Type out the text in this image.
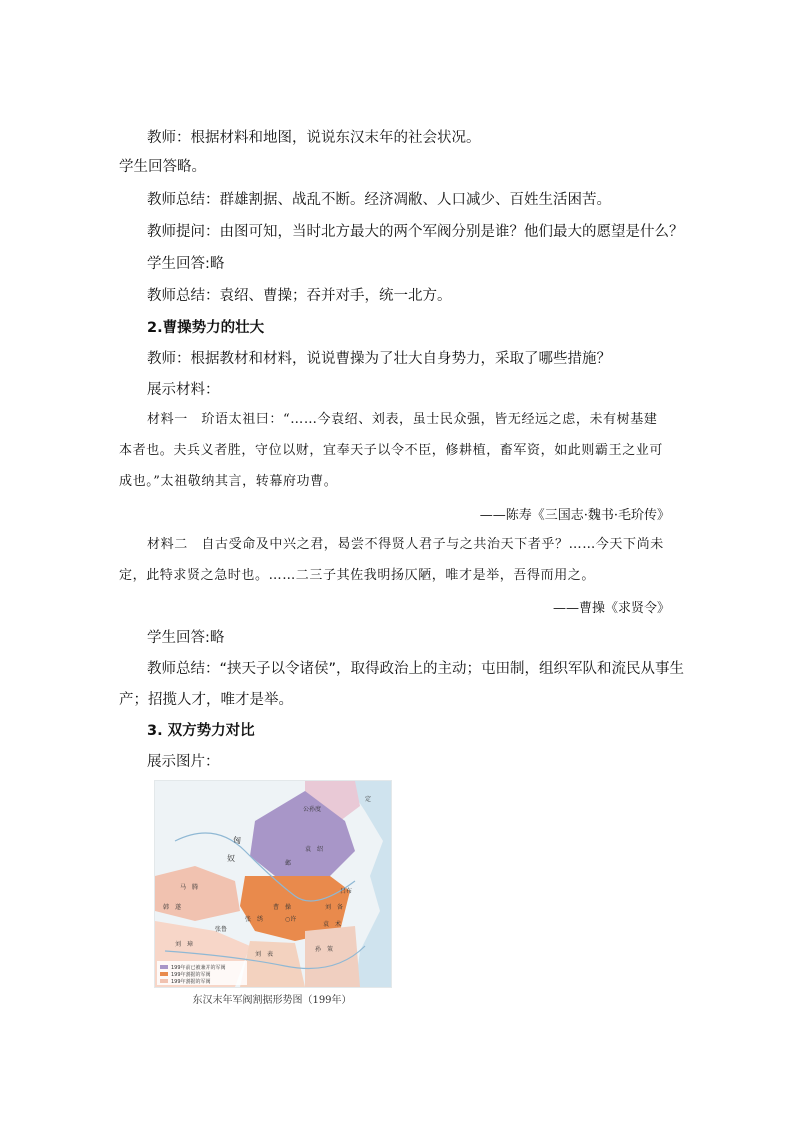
教师：根据材料和地图，说说东汉末年的社会状况。
学生回答略。
教师总结：群雄割据、战乱不断。经济凋敝、人口减少、百姓生活困苦。
教师提问：由图可知，当时北方最大的两个军阀分别是谁？他们最大的愿望是什么？
学生回答:略
教师总结：袁绍、曹操；吞并对手，统一北方。
2.曹操势力的壮大
教师：根据教材和材料，说说曹操为了壮大自身势力，采取了哪些措施？
展示材料：
材料一　玠语太祖曰：“……今袁绍、刘表，虽士民众强，皆无经远之虑，未有树基建
本者也。夫兵义者胜，守位以财，宜奉天子以令不臣，修耕植，畜军资，如此则霸王之业可
成也。”太祖敬纳其言，转幕府功曹。
——陈寿《三国志·魏书·毛玠传》
材料二　自古受命及中兴之君，曷尝不得贤人君子与之共治天下者乎？……今天下尚未
定，此特求贤之急时也。……二三子其佐我明扬仄陋，唯才是举，吾得而用之。
——曹操《求贤令》
学生回答:略
教师总结：“挟天子以令诸侯”，取得政治上的主动；屯田制，组织军队和流民从事生
产；招揽人才，唯才是举。
3. 双方势力对比
展示图片：
匈
奴
袁　绍
公孙度
邺
曹　操
○许
刘　备
吕布
袁　术
张　绣
马　腾
韩　遂
张鲁
刘　表
孙　策
刘　璋
定
199年前已被兼并的军阀
199年割据的军阀
199年割据的军阀
东汉末年军阀割据形势图（199年）
